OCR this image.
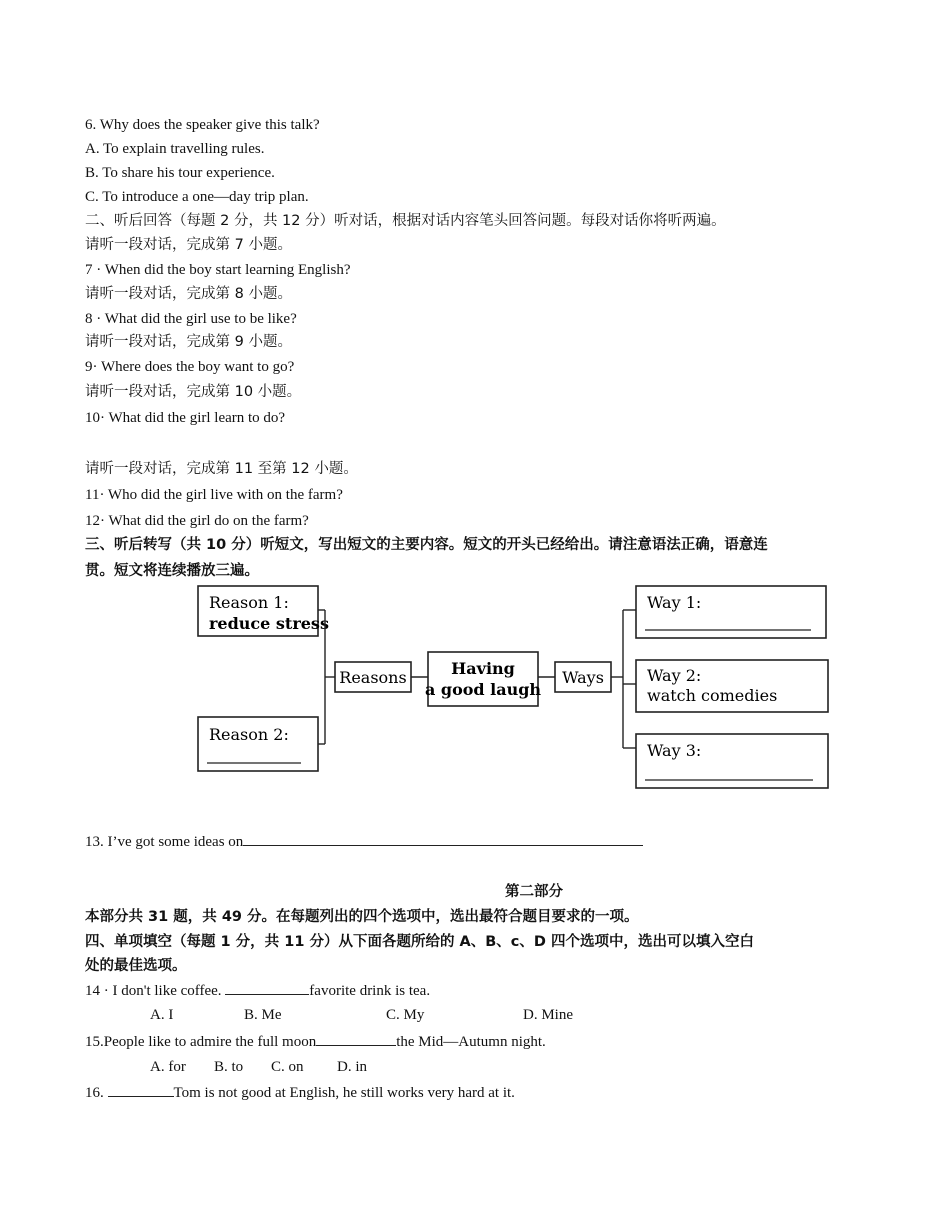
6. Why does the speaker give this talk?
A. To explain travelling rules.
B. To share his tour experience.
C. To introduce a one—day trip plan.
二、听后回答（每题 2 分，共 12 分）听对话，根据对话内容笔头回答问题。每段对话你将听两遍。
请听一段对话，完成第 7 小题。
7 · When did the boy start learning English?
请听一段对话，完成第 8 小题。
8 · What did the girl use to be like?
请听一段对话，完成第 9 小题。
9· Where does the boy want to go?
请听一段对话，完成第 10 小题。
10· What did the girl learn to do?
请听一段对话，完成第 11 至第 12 小题。
11· Who did the girl live with on the farm?
12· What did the girl do on the farm?
三、听后转写（共 10 分）听短文，写出短文的主要内容。短文的开头已经给出。请注意语法正确，语意连
贯。短文将连续播放三遍。
Reason 1:
reduce stress
Reason 2:
Reasons	Having
a good laugh
Ways
Way 1:
Way 2:
watch comedies
Way 3:
13. I’ve got some ideas on
第二部分
本部分共 31 题，共 49 分。在每题列出的四个选项中，选出最符合题目要求的一项。
四、单项填空（每题 1 分，共 11 分）从下面各题所给的 A、B、c、D 四个选项中，选出可以填入空白
处的最佳选项。
14 · I don't like coffee.	favorite drink is tea.
A. I	B. Me	C. My	D. Mine
15.People like to admire the full moon	the Mid—Autumn night.
A. for B. to C. on D. in
16.	Tom is not good at English, he still works very hard at it.
